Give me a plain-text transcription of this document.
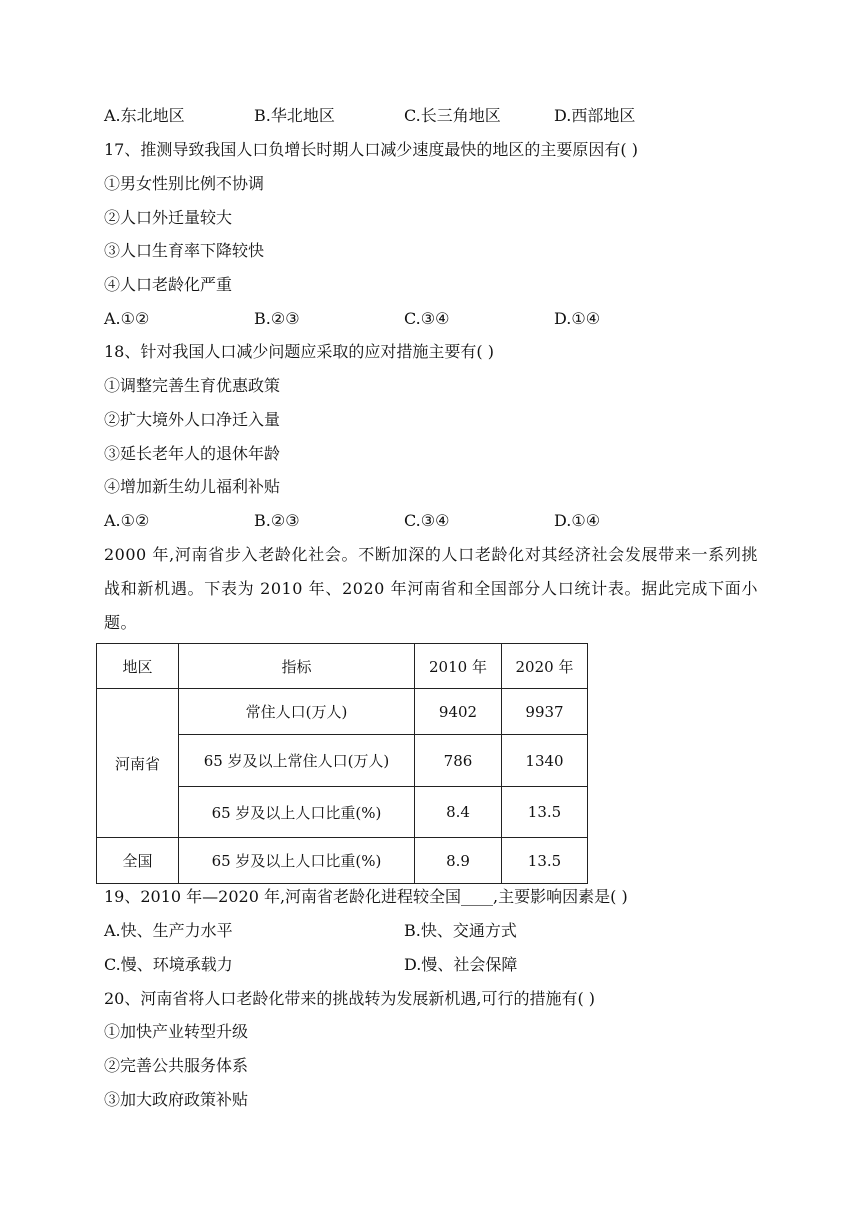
A.东北地区	B.华北地区	C.长三角地区	D.西部地区
17、推测导致我国人口负增长时期人口减少速度最快的地区的主要原因有( )
①男女性别比例不协调
②人口外迁量较大
③人口生育率下降较快
④人口老龄化严重
A.①②	B.②③	C.③④	D.①④
18、针对我国人口减少问题应采取的应对措施主要有( )
①调整完善生育优惠政策
②扩大境外人口净迁入量
③延长老年人的退休年龄
④增加新生幼儿福利补贴
A.①②	B.②③	C.③④	D.①④
2000 年,河南省步入老龄化社会。不断加深的人口老龄化对其经济社会发展带来一系列挑战和新机遇。下表为 2010 年、2020 年河南省和全国部分人口统计表。据此完成下面小题。
地区	指标	2010 年	2020 年
河南省	常住人口(万人)	9402	9937
	65 岁及以上常住人口(万人)	786	1340
	65 岁及以上人口比重(%)	8.4	13.5
全国	65 岁及以上人口比重(%)	8.9	13.5
19、2010 年—2020 年,河南省老龄化进程较全国____,主要影响因素是( )
A.快、生产力水平	B.快、交通方式
C.慢、环境承载力	D.慢、社会保障
20、河南省将人口老龄化带来的挑战转为发展新机遇,可行的措施有( )
①加快产业转型升级
②完善公共服务体系
③加大政府政策补贴
